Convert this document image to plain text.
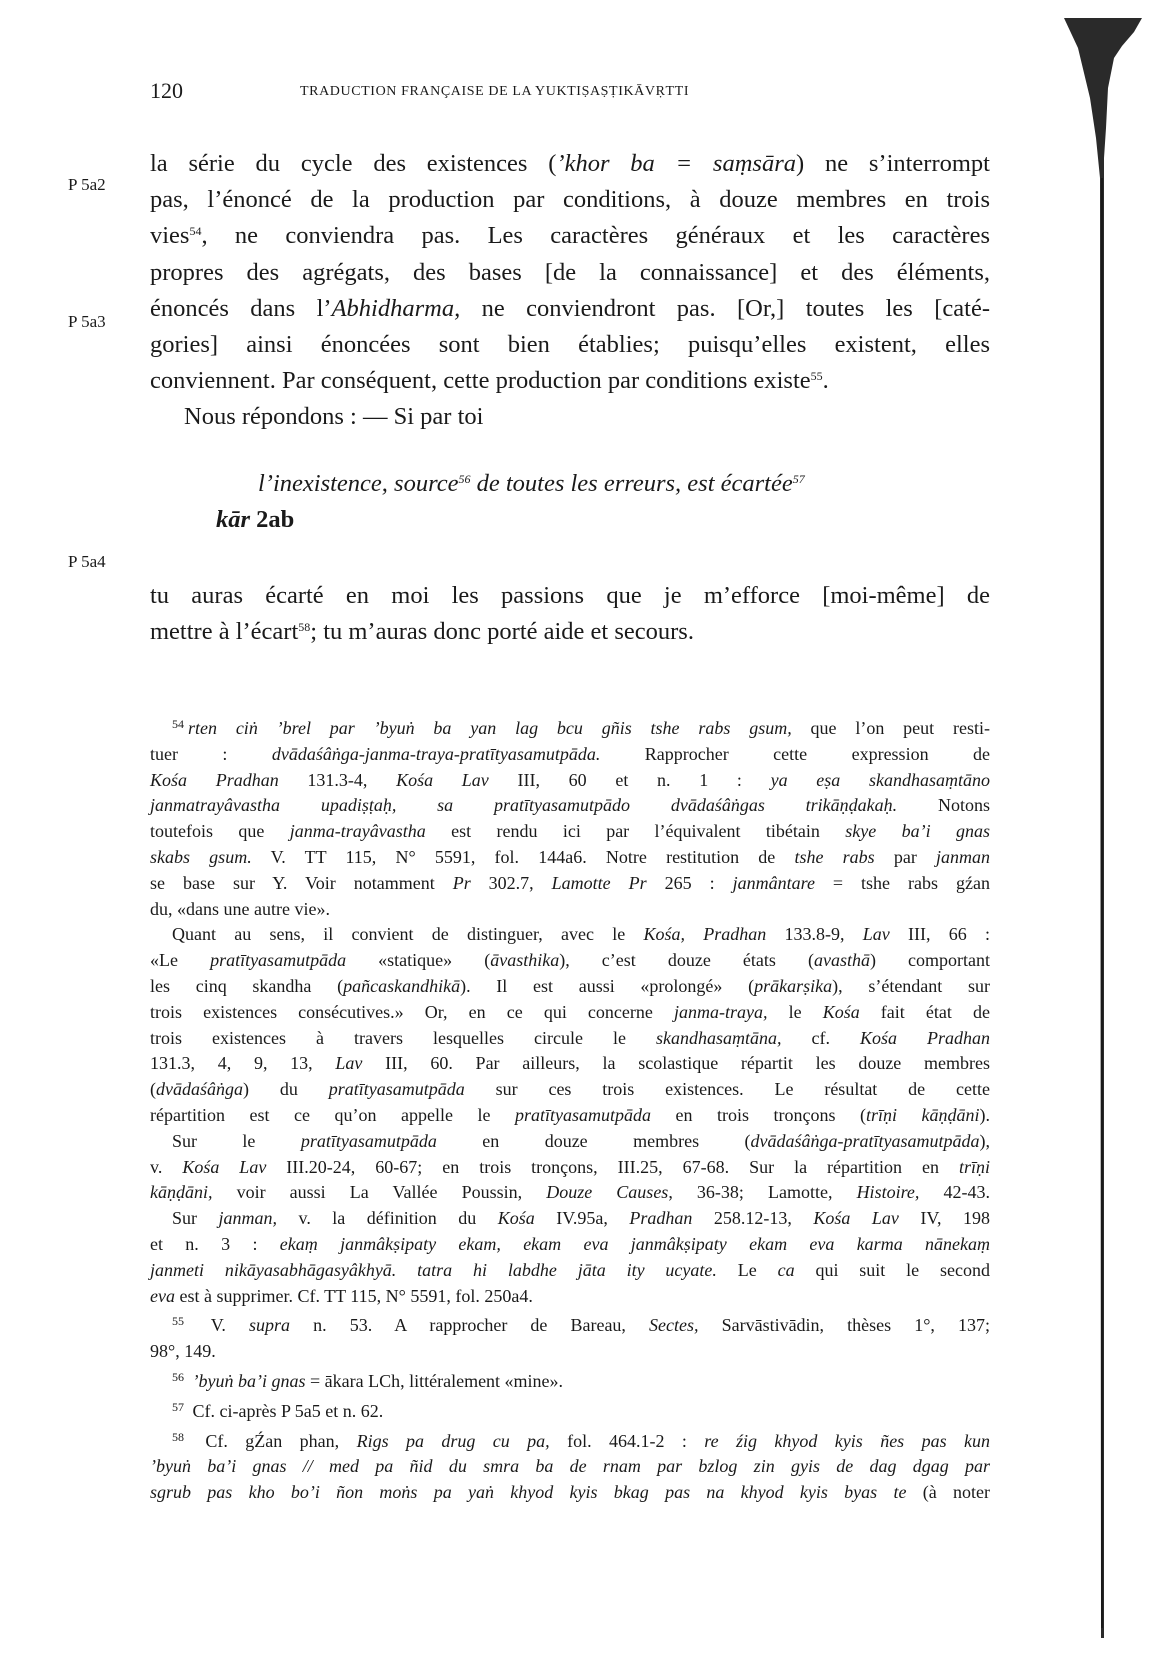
120	TRADUCTION FRANÇAISE DE LA YUKTIṢAṢṬIKĀVṚTTI
P 5a2
P 5a3
P 5a4
la série du cycle des existences (’khor ba = saṃsāra) ne s’interrompt
pas, l’énoncé de la production par conditions, à douze membres en trois
vies$^{54}$, ne conviendra pas. Les caractères généraux et les caractères
propres des agrégats, des bases [de la connaissance] et des éléments,
énoncés dans l’Abhidharma, ne conviendront pas. [Or,] toutes les [caté-
gories] ainsi énoncées sont bien établies; puisqu’elles existent, elles
conviennent. Par conséquent, cette production par conditions existe$^{55}$.
Nous répondons : — Si par toi
l’inexistence, source$^{56}$ de toutes les erreurs, est écartée$^{57}$
kār 2ab
tu auras écarté en moi les passions que je m’efforce [moi-même] de
mettre à l’écart$^{58}$; tu m’auras donc porté aide et secours.
$^{54}$ rten ciṅ ’brel par ’byuṅ ba yan lag bcu gñis tshe rabs gsum, que l’on peut resti-
tuer : dvādaśâṅga-janma-traya-pratītyasamutpāda. Rapprocher cette expression de
Kośa Pradhan 131.3-4, Kośa Lav III, 60 et n. 1 : ya eṣa skandhasaṃtāno
janmatrayâvastha upadiṣṭaḥ, sa pratītyasamutpādo dvādaśâṅgas trikāṇḍakaḥ. Notons
toutefois que janma-trayâvastha est rendu ici par l’équivalent tibétain skye ba’i gnas
skabs gsum. V. TT 115, N° 5591, fol. 144a6. Notre restitution de tshe rabs par janman
se base sur Y. Voir notamment Pr 302.7, Lamotte Pr 265 : janmântare = tshe rabs gźan
du, «dans une autre vie».
Quant au sens, il convient de distinguer, avec le Kośa, Pradhan 133.8-9, Lav III, 66 :
«Le pratītyasamutpāda «statique» (āvasthika), c’est douze états (avasthā) comportant
les cinq skandha (pañcaskandhikā). Il est aussi «prolongé» (prākarṣika), s’étendant sur
trois existences consécutives.» Or, en ce qui concerne janma-traya, le Kośa fait état de
trois existences à travers lesquelles circule le skandhasaṃtāna, cf. Kośa Pradhan
131.3, 4, 9, 13, Lav III, 60. Par ailleurs, la scolastique répartit les douze membres
(dvādaśâṅga) du pratītyasamutpāda sur ces trois existences. Le résultat de cette
répartition est ce qu’on appelle le pratītyasamutpāda en trois tronçons (trīṇi kāṇḍāni).
Sur le pratītyasamutpāda en douze membres (dvādaśâṅga-pratītyasamutpāda),
v. Kośa Lav III.20-24, 60-67; en trois tronçons, III.25, 67-68. Sur la répartition en trīṇi
kāṇḍāni, voir aussi La Vallée Poussin, Douze Causes, 36-38; Lamotte, Histoire, 42-43.
Sur janman, v. la définition du Kośa IV.95a, Pradhan 258.12-13, Kośa Lav IV, 198
et n. 3 : ekaṃ janmâkṣipaty ekam, ekam eva janmâkṣipaty ekam eva karma nānekaṃ
janmeti nikāyasabhāgasyâkhyā. tatra hi labdhe jāta ity ucyate. Le ca qui suit le second
eva est à supprimer. Cf. TT 115, N° 5591, fol. 250a4.
$^{55}$ V. supra n. 53. A rapprocher de Bareau, Sectes, Sarvāstivādin, thèses 1°, 137;
98°, 149.
$^{56}$ ’byuṅ ba’i gnas = ākara LCh, littéralement «mine».
$^{57}$ Cf. ci-après P 5a5 et n. 62.
$^{58}$ Cf. gŹan phan, Rigs pa drug cu pa, fol. 464.1-2 : re źig khyod kyis ñes pas kun
’byuṅ ba’i gnas // med pa ñid du smra ba de rnam par bzlog zin gyis de dag dgag par
sgrub pas kho bo’i ñon moṅs pa yaṅ khyod kyis bkag pas na khyod kyis byas te (à noter
